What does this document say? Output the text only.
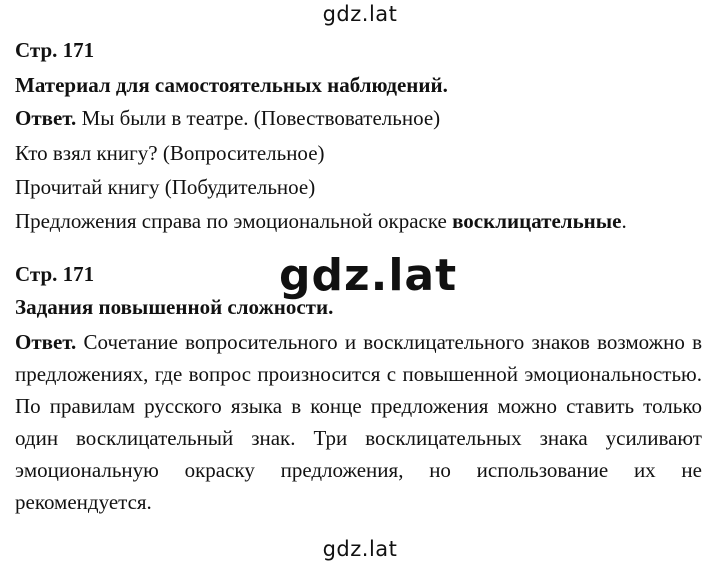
gdz.lat
Стр. 171
Материал для самостоятельных наблюдений.
Ответ. Мы были в театре. (Повествовательное)
Кто взял книгу? (Вопросительное)
Прочитай книгу (Побудительное)
Предложения справа по эмоциональной окраске восклицательные.
Стр. 171	gdz.lat
Задания повышенной сложности.
Ответ. Сочетание вопросительного и восклицательного знаков возможно в предложениях, где вопрос произносится с повышенной эмоциональностью. По правилам русского языка в конце предложения можно ставить только один восклицательный знак. Три восклицательных знака усиливают эмоциональную окраску предложения, но использование их не рекомендуется.
gdz.lat
